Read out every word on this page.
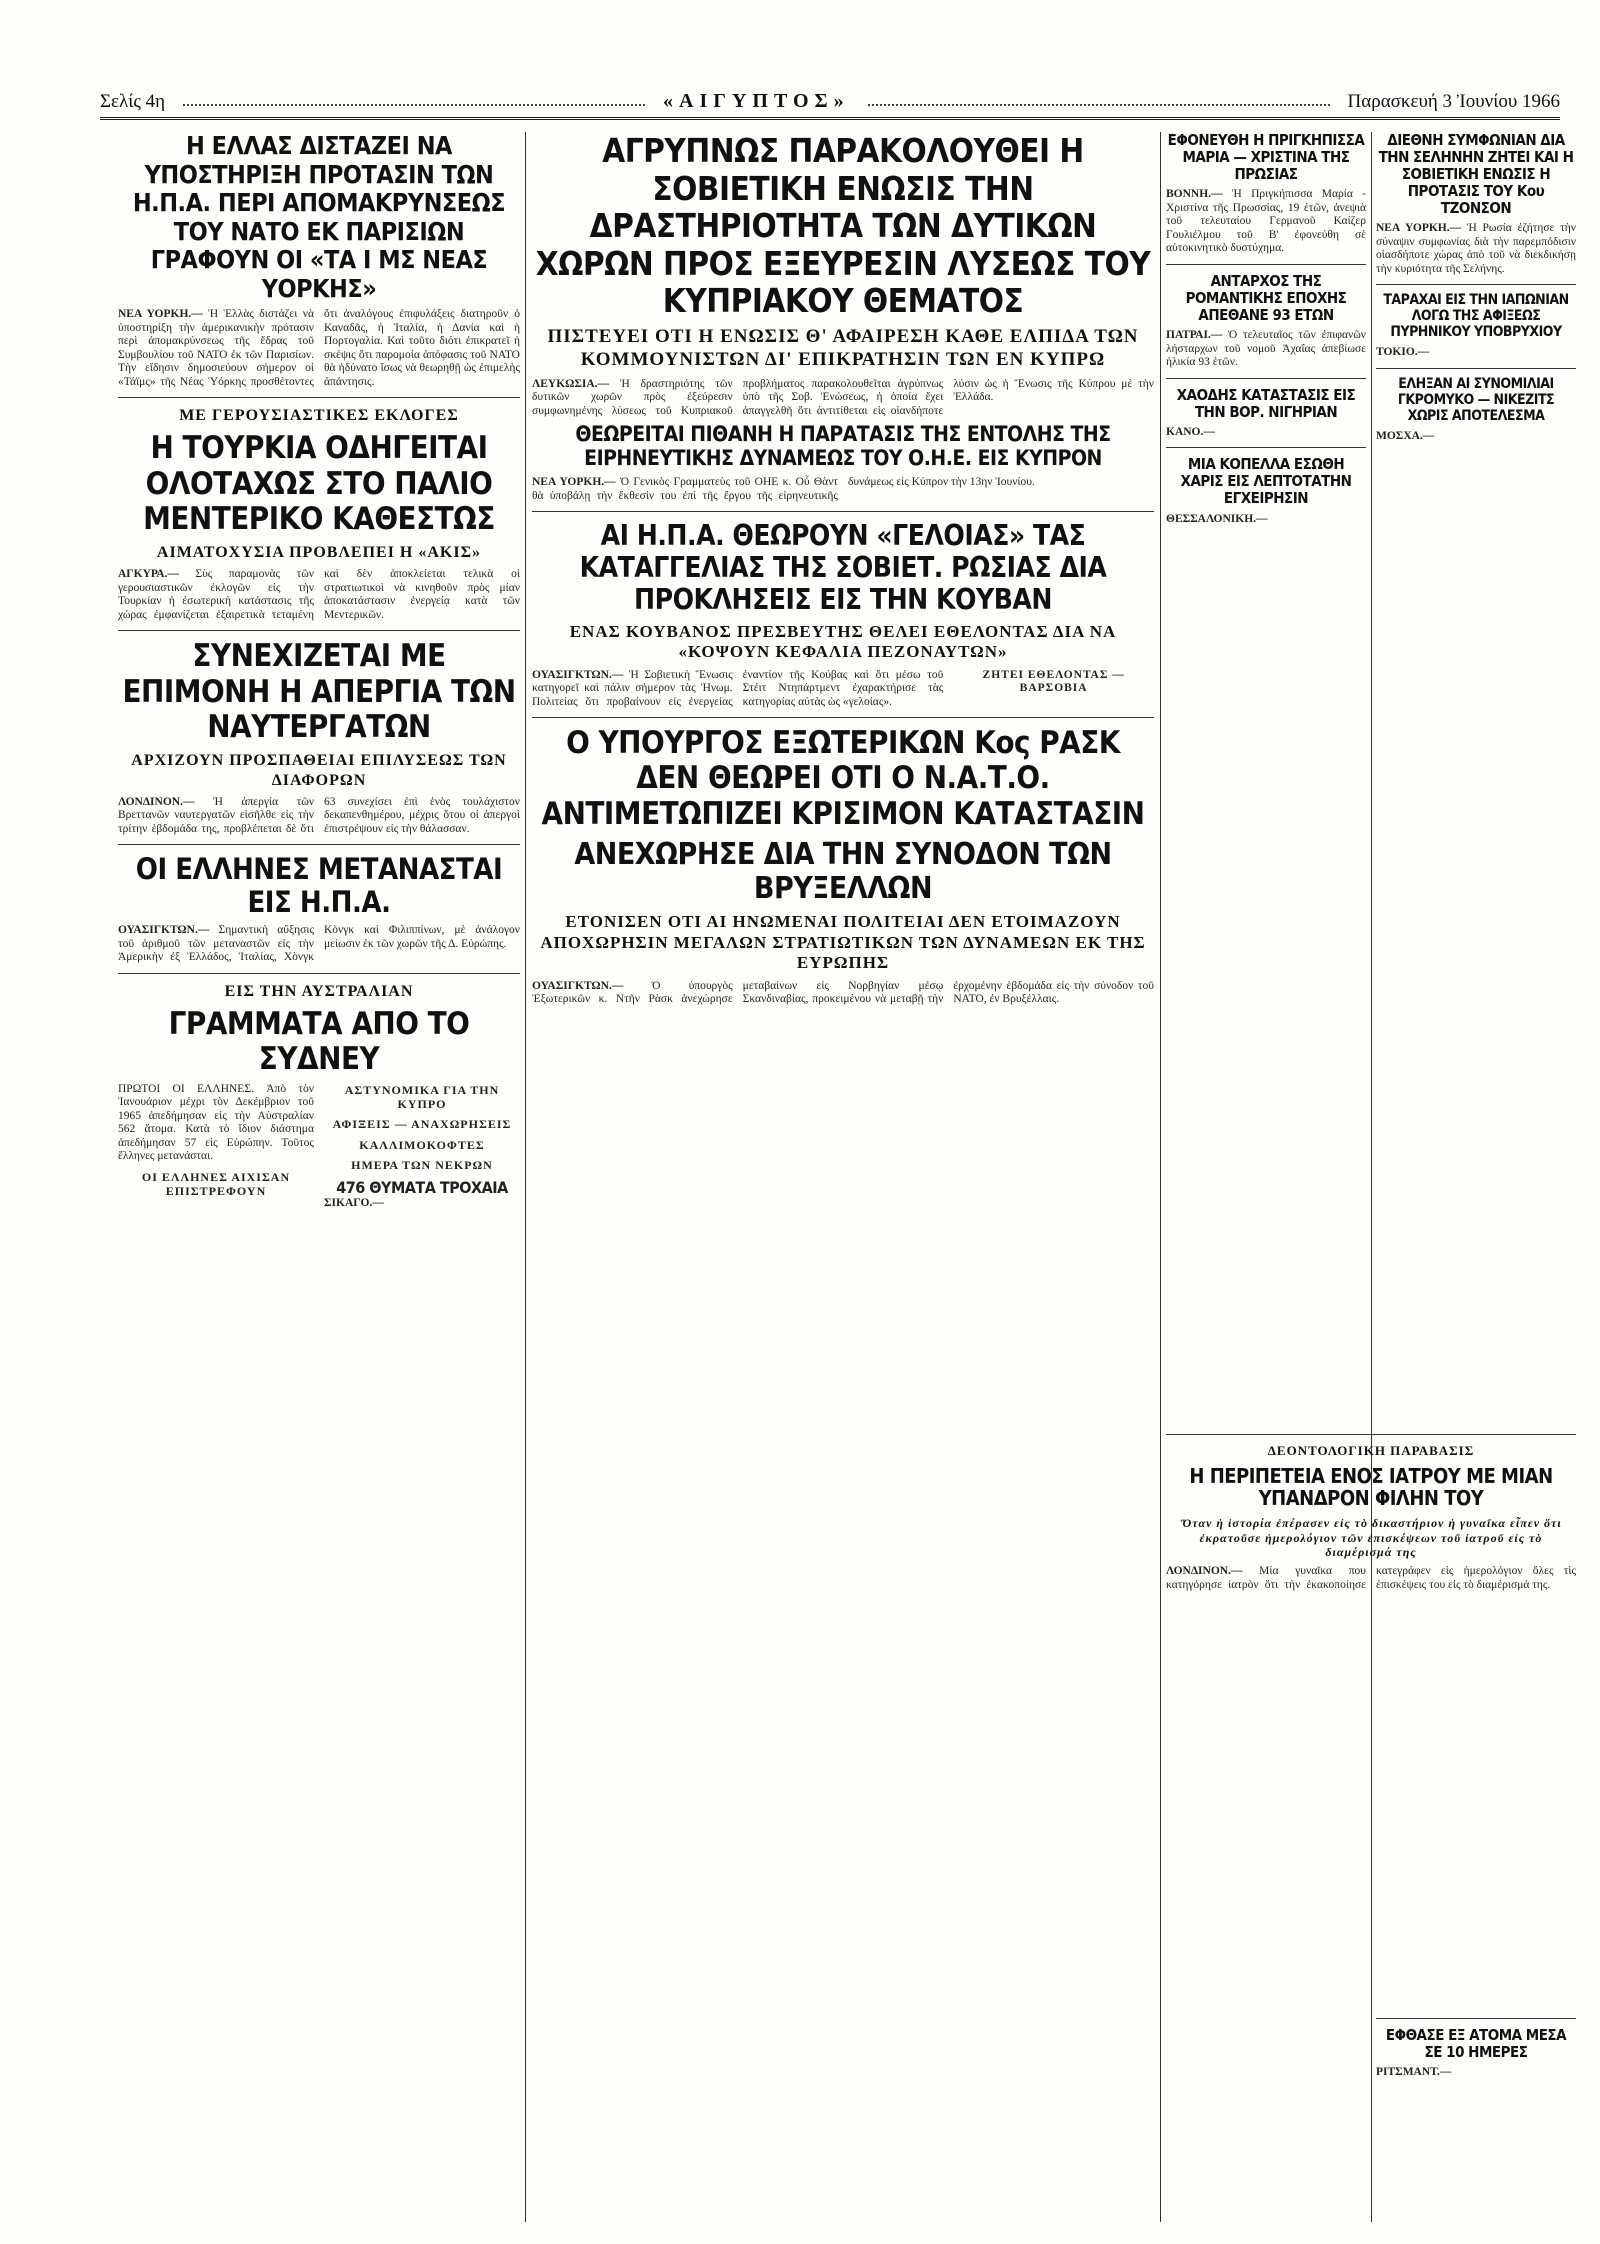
Σελίς 4η	«ΑΙΓΥΠΤΟΣ»	Παρασκευή 3 Ἰουνίου 1966
Η ΕΛΛΑΣ ΔΙΣΤΑΖΕΙ ΝΑ ΥΠΟΣΤΗΡΙΞΗ ΠΡΟΤΑΣΙΝ ΤΩΝ Η.Π.Α. ΠΕΡΙ ΑΠΟΜΑΚΡΥΝΣΕΩΣ ΤΟΥ ΝΑΤΟ ΕΚ ΠΑΡΙΣΙΩΝ ΓΡΑΦΟΥΝ ΟΙ «ΤΑ Ι ΜΣ ΝΕΑΣ ΥΟΡΚΗΣ»
ΝΕΑ ΥΟΡΚΗ.— Ἡ Ἑλλὰς διστάζει νὰ ὑποστηρίξη τὴν ἀμερικανικὴν πρότασιν περὶ ἀπομακρύνσεως τῆς ἕδρας τοῦ Συμβουλίου τοῦ ΝΑΤΟ ἐκ τῶν Παρισίων. Τὴν εἴδησιν δημοσιεύουν σήμερον οἱ «Τάϊμς» τῆς Νέας Ὑόρκης προσθέτοντες ὅτι ἀναλόγους ἐπιφυλάξεις διατηροῦν ὁ Καναδᾶς, ἡ Ἰταλία, ἡ Δανία καὶ ἡ Πορτογαλία. Καὶ τοῦτο διότι ἐπικρατεῖ ἡ σκέψις ὅτι παρομοία ἀπόφασις τοῦ ΝΑΤΟ θὰ ἠδύνατο ἴσως νὰ θεωρηθῇ ὡς ἐπιμελὴς ἀπάντησις.
ΜΕ ΓΕΡΟΥΣΙΑΣΤΙΚΕΣ ΕΚΛΟΓΕΣ
Η ΤΟΥΡΚΙΑ ΟΔΗΓΕΙΤΑΙ ΟΛΟΤΑΧΩΣ ΣΤΟ ΠΑΛΙΟ ΜΕΝΤΕΡΙΚΟ ΚΑΘΕΣΤΩΣ
ΑΙΜΑΤΟΧΥΣΙΑ ΠΡΟΒΛΕΠΕΙ Η «ΑΚΙΣ»
ΑΓΚΥΡΑ.— Σὺς παραμονὰς τῶν γερουσιαστικῶν ἐκλογῶν εἰς τὴν Τουρκίαν ἡ ἐσωτερικὴ κατάστασις τῆς χώρας ἐμφανίζεται ἐξαιρετικὰ τεταμένη καὶ δὲν ἀποκλείεται τελικὰ οἱ στρατιωτικοὶ νὰ κινηθοῦν πρὸς μίαν ἀποκατάστασιν ἐνεργείᾳ κατὰ τῶν Μεντερικῶν.
ΣΥΝΕΧΙΖΕΤΑΙ ΜΕ ΕΠΙΜΟΝΗ Η ΑΠΕΡΓΙΑ ΤΩΝ ΝΑΥΤΕΡΓΑΤΩΝ
ΑΡΧΙΖΟΥΝ ΠΡΟΣΠΑΘΕΙΑΙ ΕΠΙΛΥΣΕΩΣ ΤΩΝ ΔΙΑΦΟΡΩΝ
ΛΟΝΔΙΝΟΝ.— Ἡ ἀπεργία τῶν Βρεττανῶν ναυτεργατῶν εἰσῆλθε εἰς τὴν τρίτην ἑβδομάδα της, προβλέπεται δὲ ὅτι 63 συνεχίσει ἐπὶ ἑνὸς τουλάχιστον δεκαπενθημέρου, μέχρις ὅτου οἱ ἀπεργοὶ ἐπιστρέψουν εἰς τὴν θάλασσαν.
ΟΙ ΕΛΛΗΝΕΣ ΜΕΤΑΝΑΣΤΑΙ ΕΙΣ Η.Π.Α.
ΟΥΑΣΙΓΚΤΩΝ.— Σημαντικὴ αὔξησις τοῦ ἀριθμοῦ τῶν μεταναστῶν εἰς τὴν Ἀμερικὴν ἐξ Ἑλλάδος, Ἰταλίας, Χὸνγκ Κὸνγκ καὶ Φιλιππίνων, μὲ ἀνάλογον μείωσιν ἐκ τῶν χωρῶν τῆς Δ. Εὐρώπης.
ΕΙΣ ΤΗΝ ΑΥΣΤΡΑΛΙΑΝ
ΓΡΑΜΜΑΤΑ ΑΠΟ ΤΟ ΣΥΔΝΕΥ
ΠΡΩΤΟΙ ΟΙ ΕΛΛΗΝΕΣ. Ἀπὸ τὸν Ἰανουάριον μέχρι τὸν Δεκέμβριον τοῦ 1965 ἀπεδήμησαν εἰς τὴν Αὐστραλίαν 562 ἄτομα. Κατὰ τὸ ἴδιον διάστημα ἀπεδήμησαν 57 εἰς Εὐρώπην. Τοῦτος ἔλληνες μετανάσται.
ΟΙ ΕΛΛΗΝΕΣ ΑΙΧΙΣΑΝ ΕΠΙΣΤΡΕΦΟΥΝ
ΑΣΤΥΝΟΜΙΚΑ ΓΙΑ ΤΗΝ ΚΥΠΡΟ
ΑΦΙΞΕΙΣ — ΑΝΑΧΩΡΗΣΕΙΣ
ΚΑΛΛΙΜΟΚΟΦΤΕΣ
ΗΜΕΡΑ ΤΩΝ ΝΕΚΡΩΝ
476 ΘΥΜΑΤΑ ΤΡΟΧΑΙΑ
ΣΙΚΑΓΟ.—
ΑΓΡΥΠΝΩΣ ΠΑΡΑΚΟΛΟΥΘΕΙ Η ΣΟΒΙΕΤΙΚΗ ΕΝΩΣΙΣ ΤΗΝ ΔΡΑΣΤΗΡΙΟΤΗΤΑ ΤΩΝ ΔΥΤΙΚΩΝ ΧΩΡΩΝ ΠΡΟΣ ΕΞΕΥΡΕΣΙΝ ΛΥΣΕΩΣ ΤΟΥ ΚΥΠΡΙΑΚΟΥ ΘΕΜΑΤΟΣ
ΠΙΣΤΕΥΕΙ ΟΤΙ Η ΕΝΩΣΙΣ Θ' ΑΦΑΙΡΕΣΗ ΚΑΘΕ ΕΛΠΙΔΑ ΤΩΝ ΚΟΜΜΟΥΝΙΣΤΩΝ ΔΙ' ΕΠΙΚΡΑΤΗΣΙΝ ΤΩΝ ΕΝ ΚΥΠΡΩ
ΛΕΥΚΩΣΙΑ.— Ἡ δραστηριότης τῶν δυτικῶν χωρῶν πρὸς ἐξεύρεσιν συμφωνημένης λύσεως τοῦ Κυπριακοῦ προβλήματος παρακολουθεῖται ἀγρύπνως ὑπὸ τῆς Σοβ. Ἑνώσεως, ἡ ὁποία ἔχει ἀπαγγελθῆ ὅτι ἀντιτίθεται εἰς οἱανδήποτε λύσιν ὡς ἡ Ἕνωσις τῆς Κύπρου μὲ τὴν Ἑλλάδα.
ΘΕΩΡΕΙΤΑΙ ΠΙΘΑΝΗ Η ΠΑΡΑΤΑΣΙΣ ΤΗΣ ΕΝΤΟΛΗΣ ΤΗΣ ΕΙΡΗΝΕΥΤΙΚΗΣ ΔΥΝΑΜΕΩΣ ΤΟΥ Ο.Η.Ε. ΕΙΣ ΚΥΠΡΟΝ
ΝΕΑ ΥΟΡΚΗ.— Ὁ Γενικὸς Γραμματεὺς τοῦ ΟΗΕ κ. Οὖ Θὰντ θὰ ὑποβάλῃ τὴν ἔκθεσίν του ἐπὶ τῆς ἔργου τῆς εἰρηνευτικῆς δυνάμεως εἰς Κύπρον τὴν 13ην Ἰουνίου.
ΑΙ Η.Π.Α. ΘΕΩΡΟΥΝ «ΓΕΛΟΙΑΣ» ΤΑΣ ΚΑΤΑΓΓΕΛΙΑΣ ΤΗΣ ΣΟΒΙΕΤ. ΡΩΣΙΑΣ ΔΙΑ ΠΡΟΚΛΗΣΕΙΣ ΕΙΣ ΤΗΝ ΚΟΥΒΑΝ
ΕΝΑΣ ΚΟΥΒΑΝΟΣ ΠΡΕΣΒΕΥΤΗΣ ΘΕΛΕΙ ΕΘΕΛΟΝΤΑΣ ΔΙΑ ΝΑ «ΚΟΨΟΥΝ ΚΕΦΑΛΙΑ ΠΕΖΟΝΑΥΤΩΝ»
ΟΥΑΣΙΓΚΤΩΝ.— Ἡ Σοβιετικὴ Ἕνωσις κατηγορεῖ καὶ πάλιν σήμερον τὰς Ἡνωμ. Πολιτείας ὅτι προβαίνουν εἰς ἐνεργείας ἐναντίον τῆς Κούβας καὶ ὅτι μέσω τοῦ Στέιτ Ντηπάρτμεντ ἐχαρακτήρισε τὰς κατηγορίας αὐτὰς ὡς «γελοίας».
ΖΗΤΕΙ ΕΘΕΛΟΝΤΑΣ — ΒΑΡΣΟΒΙΑ
Ο ΥΠΟΥΡΓΟΣ ΕΞΩΤΕΡΙΚΩΝ Κος ΡΑΣΚ ΔΕΝ ΘΕΩΡΕΙ ΟΤΙ Ο Ν.Α.Τ.Ο. ΑΝΤΙΜΕΤΩΠΙΖΕΙ ΚΡΙΣΙΜΟΝ ΚΑΤΑΣΤΑΣΙΝ
ΑΝΕΧΩΡΗΣΕ ΔΙΑ ΤΗΝ ΣΥΝΟΔΟΝ ΤΩΝ ΒΡΥΞΕΛΛΩΝ
ΕΤΟΝΙΣΕΝ ΟΤΙ ΑΙ ΗΝΩΜΕΝΑΙ ΠΟΛΙΤΕΙΑΙ ΔΕΝ ΕΤΟΙΜΑΖΟΥΝ ΑΠΟΧΩΡΗΣΙΝ ΜΕΓΑΛΩΝ ΣΤΡΑΤΙΩΤΙΚΩΝ ΤΩΝ ΔΥΝΑΜΕΩΝ ΕΚ ΤΗΣ ΕΥΡΩΠΗΣ
ΟΥΑΣΙΓΚΤΩΝ.— Ὁ ὑπουργὸς Ἐξωτερικῶν κ. Ντῆν Ρὰσκ ἀνεχώρησε μεταβαίνων εἰς Νορβηγίαν μέσῳ Σκανδιναβίας, προκειμένου νὰ μεταβῇ τὴν ἐρχομένην ἑβδομάδα εἰς τὴν σύνοδον τοῦ ΝΑΤΟ, ἐν Βρυξέλλαις.
ΕΦΟΝΕΥΘΗ Η ΠΡΙΓΚΗΠΙΣΣΑ ΜΑΡΙΑ — ΧΡΙΣΤΙΝΑ ΤΗΣ ΠΡΩΣΙΑΣ
ΒΟΝΝΗ.— Ἡ Πριγκήπισσα Μαρία - Χριστίνα τῆς Πρωσσίας, 19 ἐτῶν, ἀνεψιὰ τοῦ τελευταίου Γερμανοῦ Καίζερ Γουλιέλμου τοῦ Β' ἐφονεύθη σὲ αὐτοκινητικὸ δυστύχημα.
ΑΝΤΑΡΧΟΣ ΤΗΣ ΡΟΜΑΝΤΙΚΗΣ ΕΠΟΧΗΣ ΑΠΕΘΑΝΕ 93 ΕΤΩΝ
ΠΑΤΡΑΙ.— Ὁ τελευταῖος τῶν ἐπιφανῶν λήσταρχων τοῦ νομοῦ Ἀχαΐας ἀπεβίωσε ἠλικία 93 ἐτῶν.
ΧΑΟΔΗΣ ΚΑΤΑΣΤΑΣΙΣ ΕΙΣ ΤΗΝ ΒΟΡ. ΝΙΓΗΡΙΑΝ
ΚΑΝΟ.—
ΜΙΑ ΚΟΠΕΛΛΑ ΕΣΩΘΗ ΧΑΡΙΣ ΕΙΣ ΛΕΠΤΟΤΑΤΗΝ ΕΓΧΕΙΡΗΣΙΝ
ΘΕΣΣΑΛΟΝΙΚΗ.—
ΔΙΕΘΝΗ ΣΥΜΦΩΝΙΑΝ ΔΙΑ ΤΗΝ ΣΕΛΗΝΗΝ ΖΗΤΕΙ ΚΑΙ Η ΣΟΒΙΕΤΙΚΗ ΕΝΩΣΙΣ Η ΠΡΟΤΑΣΙΣ ΤΟΥ Κου ΤΖΟΝΣΟΝ
ΝΕΑ ΥΟΡΚΗ.— Ἡ Ρωσία ἐζήτησε τὴν σύναψιν συμφωνίας διὰ τὴν παρεμπόδισιν οἱασδήποτε χώρας ἀπὸ τοῦ νὰ διεκδικήσῃ τὴν κυριότητα τῆς Σελήνης.
ΤΑΡΑΧΑΙ ΕΙΣ ΤΗΝ ΙΑΠΩΝΙΑΝ ΛΟΓΩ ΤΗΣ ΑΦΙΞΕΩΣ ΠΥΡΗΝΙΚΟΥ ΥΠΟΒΡΥΧΙΟΥ
ΤΟΚΙΟ.—
ΕΛΗΞΑΝ ΑΙ ΣΥΝΟΜΙΛΙΑΙ ΓΚΡΟΜΥΚΟ — ΝΙΚΕΖΙΤΣ ΧΩΡΙΣ ΑΠΟΤΕΛΕΣΜΑ
ΜΟΣΧΑ.—
ΔΕΟΝΤΟΛΟΓΙΚΗ ΠΑΡΑΒΑΣΙΣ
Η ΠΕΡΙΠΕΤΕΙΑ ΕΝΟΣ ΙΑΤΡΟΥ ΜΕ ΜΙΑΝ ΥΠΑΝΔΡΟΝ ΦΙΛΗΝ ΤΟΥ
Ὅταν ἡ ἱστορία ἐπέρασεν εἰς τὸ δικαστήριον ἡ γυναῖκα εἶπεν ὅτι ἐκρατοῦσε ἡμερολόγιον τῶν ἐπισκέψεων τοῦ ἰατροῦ εἰς τὸ διαμέρισμά της
ΛΟΝΔΙΝΟΝ.— Μία γυναῖκα που κατηγόρησε ἰατρὸν ὅτι τὴν ἐκακοποίησε κατεγράφεν εἰς ἡμερολόγιον ὅλες τὶς ἐπισκέψεις του εἰς τὸ διαμέρισμά της.
ΕΦΘΑΣΕ ΕΞ ΑΤΟΜΑ ΜΕΣΑ ΣΕ 10 ΗΜΕΡΕΣ
ΡΙΤΣΜΑΝΤ.—
